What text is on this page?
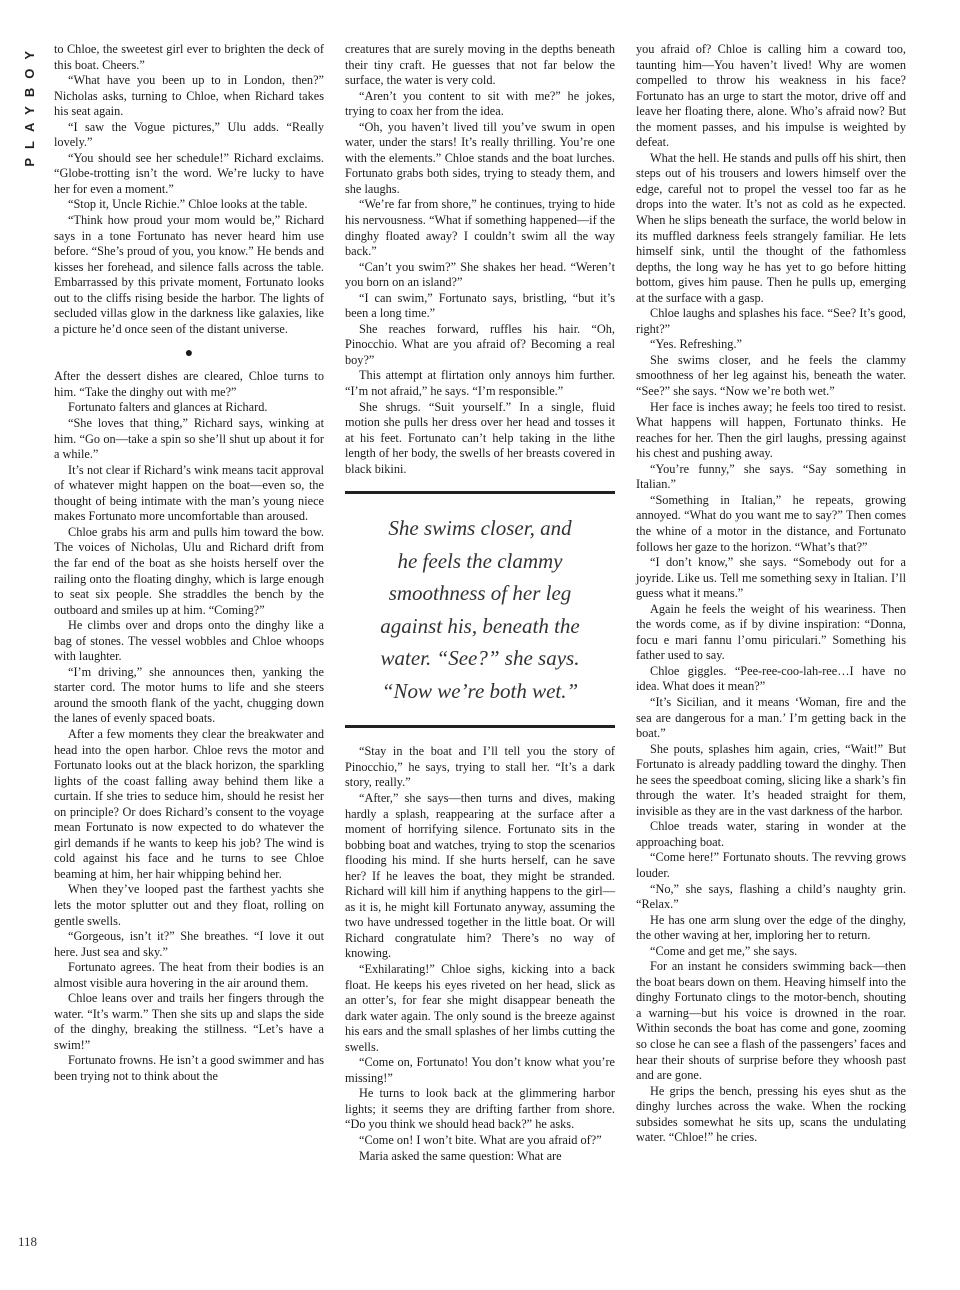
PLAYBOY
118

to Chloe, the sweetest girl ever to brighten the deck of this boat. Cheers.”

“What have you been up to in London, then?” Nicholas asks, turning to Chloe, when Richard takes his seat again.

“I saw the Vogue pictures,” Ulu adds. “Really lovely.”

“You should see her schedule!” Richard exclaims. “Globe-trotting isn’t the word. We’re lucky to have her for even a moment.”

“Stop it, Uncle Richie.” Chloe looks at the table.

“Think how proud your mom would be,” Richard says in a tone Fortunato has never heard him use before. “She’s proud of you, you know.” He bends and kisses her forehead, and silence falls across the table. Embarrassed by this private moment, Fortunato looks out to the cliffs rising beside the harbor. The lights of secluded villas glow in the darkness like galaxies, like a picture he’d once seen of the distant universe.

●

After the dessert dishes are cleared, Chloe turns to him. “Take the dinghy out with me?”

Fortunato falters and glances at Richard.

“She loves that thing,” Richard says, winking at him. “Go on—take a spin so she’ll shut up about it for a while.”

It’s not clear if Richard’s wink means tacit approval of whatever might happen on the boat—even so, the thought of being intimate with the man’s young niece makes Fortunato more uncomfortable than aroused.

Chloe grabs his arm and pulls him toward the bow. The voices of Nicholas, Ulu and Richard drift from the far end of the boat as she hoists herself over the railing onto the floating dinghy, which is large enough to seat six people. She straddles the bench by the outboard and smiles up at him. “Coming?”

He climbs over and drops onto the dinghy like a bag of stones. The vessel wobbles and Chloe whoops with laughter.

“I’m driving,” she announces then, yanking the starter cord. The motor hums to life and she steers around the smooth flank of the yacht, chugging down the lanes of evenly spaced boats.

After a few moments they clear the breakwater and head into the open harbor. Chloe revs the motor and Fortunato looks out at the black horizon, the sparkling lights of the coast falling away behind them like a curtain. If she tries to seduce him, should he resist her on principle? Or does Richard’s consent to the voyage mean Fortunato is now expected to do whatever the girl demands if he wants to keep his job? The wind is cold against his face and he turns to see Chloe beaming at him, her hair whipping behind her.

When they’ve looped past the farthest yachts she lets the motor splutter out and they float, rolling on gentle swells.

“Gorgeous, isn’t it?” She breathes. “I love it out here. Just sea and sky.”

Fortunato agrees. The heat from their bodies is an almost visible aura hovering in the air around them.

Chloe leans over and trails her fingers through the water. “It’s warm.” Then she sits up and slaps the side of the dinghy, breaking the stillness. “Let’s have a swim!”

Fortunato frowns. He isn’t a good swimmer and has been trying not to think about the

creatures that are surely moving in the depths beneath their tiny craft. He guesses that not far below the surface, the water is very cold.

“Aren’t you content to sit with me?” he jokes, trying to coax her from the idea.

“Oh, you haven’t lived till you’ve swum in open water, under the stars! It’s really thrilling. You’re one with the elements.” Chloe stands and the boat lurches. Fortunato grabs both sides, trying to steady them, and she laughs.

“We’re far from shore,” he continues, trying to hide his nervousness. “What if something happened—if the dinghy floated away? I couldn’t swim all the way back.”

“Can’t you swim?” She shakes her head. “Weren’t you born on an island?”

“I can swim,” Fortunato says, bristling, “but it’s been a long time.”

She reaches forward, ruffles his hair. “Oh, Pinocchio. What are you afraid of? Becoming a real boy?”

This attempt at flirtation only annoys him further. “I’m not afraid,” he says. “I’m responsible.”

She shrugs. “Suit yourself.” In a single, fluid motion she pulls her dress over her head and tosses it at his feet. Fortunato can’t help taking in the lithe length of her body, the swells of her breasts covered in black bikini.

She swims closer, and

he feels the clammy

smoothness of her leg

against his, beneath the

water. “See?” she says.

“Now we’re both wet.”

“Stay in the boat and I’ll tell you the story of Pinocchio,” he says, trying to stall her. “It’s a dark story, really.”

“After,” she says—then turns and dives, making hardly a splash, reappearing at the surface after a moment of horrifying silence. Fortunato sits in the bobbing boat and watches, trying to stop the scenarios flooding his mind. If she hurts herself, can he save her? If he leaves the boat, they might be stranded. Richard will kill him if anything happens to the girl—as it is, he might kill Fortunato anyway, assuming the two have undressed together in the little boat. Or will Richard congratulate him? There’s no way of knowing.

“Exhilarating!” Chloe sighs, kicking into a back float. He keeps his eyes riveted on her head, slick as an otter’s, for fear she might disappear beneath the dark water again. The only sound is the breeze against his ears and the small splashes of her limbs cutting the swells.

“Come on, Fortunato! You don’t know what you’re missing!”

He turns to look back at the glimmering harbor lights; it seems they are drifting farther from shore. “Do you think we should head back?” he asks.

“Come on! I won’t bite. What are you afraid of?”

Maria asked the same question: What are

you afraid of? Chloe is calling him a coward too, taunting him—You haven’t lived! Why are women compelled to throw his weakness in his face? Fortunato has an urge to start the motor, drive off and leave her floating there, alone. Who’s afraid now? But the moment passes, and his impulse is weighted by defeat.

What the hell. He stands and pulls off his shirt, then steps out of his trousers and lowers himself over the edge, careful not to propel the vessel too far as he drops into the water. It’s not as cold as he expected. When he slips beneath the surface, the world below in its muffled darkness feels strangely familiar. He lets himself sink, until the thought of the fathomless depths, the long way he has yet to go before hitting bottom, gives him pause. Then he pulls up, emerging at the surface with a gasp.

Chloe laughs and splashes his face. “See? It’s good, right?”

“Yes. Refreshing.”

She swims closer, and he feels the clammy smoothness of her leg against his, beneath the water. “See?” she says. “Now we’re both wet.”

Her face is inches away; he feels too tired to resist. What happens will happen, Fortunato thinks. He reaches for her. Then the girl laughs, pressing against his chest and pushing away.

“You’re funny,” she says. “Say something in Italian.”

“Something in Italian,” he repeats, growing annoyed. “What do you want me to say?” Then comes the whine of a motor in the distance, and Fortunato follows her gaze to the horizon. “What’s that?”

“I don’t know,” she says. “Somebody out for a joyride. Like us. Tell me something sexy in Italian. I’ll guess what it means.”

Again he feels the weight of his weariness. Then the words come, as if by divine inspiration: “Donna, focu e mari fannu l’omu piriculari.” Something his father used to say.

Chloe giggles. “Pee-ree-coo-lah-ree…I have no idea. What does it mean?”

“It’s Sicilian, and it means ‘Woman, fire and the sea are dangerous for a man.’ I’m getting back in the boat.”

She pouts, splashes him again, cries, “Wait!” But Fortunato is already paddling toward the dinghy. Then he sees the speedboat coming, slicing like a shark’s fin through the water. It’s headed straight for them, invisible as they are in the vast darkness of the harbor.

Chloe treads water, staring in wonder at the approaching boat.

“Come here!” Fortunato shouts. The revving grows louder.

“No,” she says, flashing a child’s naughty grin. “Relax.”

He has one arm slung over the edge of the dinghy, the other waving at her, imploring her to return.

“Come and get me,” she says.

For an instant he considers swimming back—then the boat bears down on them. Heaving himself into the dinghy Fortunato clings to the motor-bench, shouting a warning—but his voice is drowned in the roar. Within seconds the boat has come and gone, zooming so close he can see a flash of the passengers’ faces and hear their shouts of surprise before they whoosh past and are gone.

He grips the bench, pressing his eyes shut as the dinghy lurches across the wake. When the rocking subsides somewhat he sits up, scans the undulating water. “Chloe!” he cries.
